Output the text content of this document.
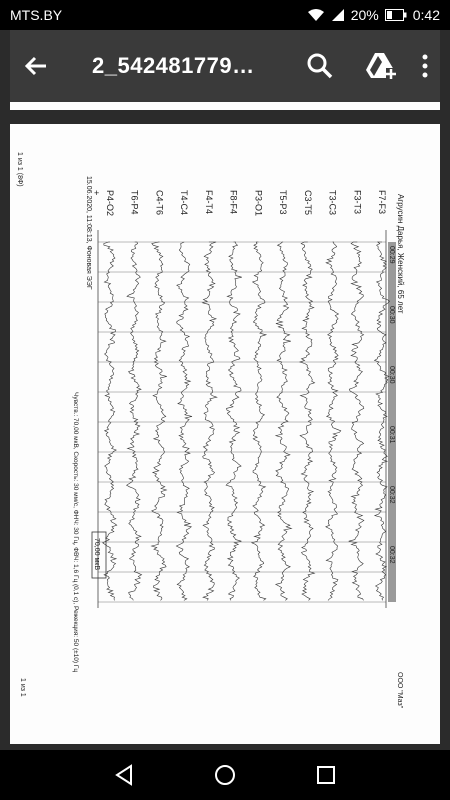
MTS.BY	20% 0:42
2_542481779…
1 из 1 (8Ф)
Агрусин Дарья, Женский, 65 лет
ООО "Маз"
1 из 1
15.06.2020, 11:08:13, Фоновая ЭЭГ
Чувств.: 70,00 мкВ, Скорость: 30 мм/с, ФНЧ: 30 Гц, ФВЧ: 1,6 Гц (0,1 с), Режекция: 50 (±10) Гц
+
00:29
00:30
00:30
00:31
00:32
00:32
F7-F3
F3-T3
T3-C3
C3-T5
T5-P3
P3-O1
F8-F4
F4-T4
T4-C4
C4-T6
T6-P4
P4-O2
70,00 мкВ
